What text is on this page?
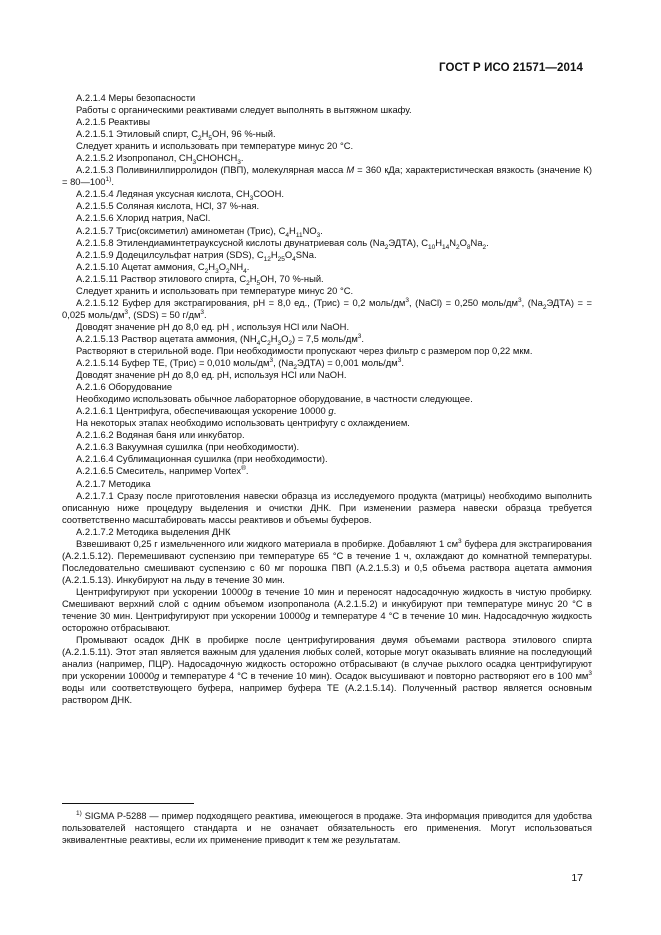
ГОСТ Р ИСО 21571—2014

А.2.1.4 Меры безопасности

Работы с органическими реактивами следует выполнять в вытяжном шкафу.

А.2.1.5 Реактивы

А.2.1.5.1 Этиловый спирт, $C_2H_5OH$, 96 %-ный.

Следует хранить и использовать при температуре минус 20 °C.

А.2.1.5.2 Изопропанол, $CH_3CHOHCH_3$.

А.2.1.5.3 Поливинилпирролидон (ПВП), молекулярная масса M = 360 кДа; характеристическая вязкость (значение $К) = 80—100^{1)}$.

А.2.1.5.4 Ледяная уксусная кислота, $CH_3COOH$.

А.2.1.5.5 Соляная кислота, HCl, 37 %-ная.

А.2.1.5.6 Хлорид натрия, NaCl.

А.2.1.5.7 Трис(оксиметил) аминометан (Трис), $C_4H_{11}NO_3$.

А.2.1.5.8 Этилендиаминтетрауксусной кислоты двунатриевая соль $(Na_2ЭДТА)$, $C_{10}H_{14}N_2O_8Na_2$.

А.2.1.5.9 Додецилсульфат натрия (SDS), $C_{12}H_{25}O_4SNa$.

А.2.1.5.10 Ацетат аммония, $C_2H_3O_2NH_4$.

А.2.1.5.11 Раствор этилового спирта, $C_2H_5OH$, 70 %-ный.

Следует хранить и использовать при температуре минус 20 °C.

А.2.1.5.12 Буфер для экстрагирования, pH = 8,0 ед., (Трис) = 0,2 моль/$дм^3$, (NaCl) = 0,250 моль/$дм^3$, $(Na_2ЭДТА)$ = = 0,025 моль/$дм^3$, (SDS) = 50 $г/дм^3$.

Доводят значение pH до 8,0 ед. pH , используя HCl или NaOH.

А.2.1.5.13 Раствор ацетата аммония, $(NH_4C_2H_3O_2) = 7,5$ моль/$дм^3$.

Растворяют в стерильной воде. При необходимости пропускают через фильтр с размером пор 0,22 мкм.

А.2.1.5.14 Буфер ТЕ, (Трис) = 0,010 моль/$дм^3$, $(Na_2ЭДТА) = 0,001$ моль/$дм^3$.

Доводят значение pH до 8,0 ед. pH, используя HCl или NaOH.

А.2.1.6 Оборудование

Необходимо использовать обычное лабораторное оборудование, в частности следующее.

А.2.1.6.1 Центрифуга, обеспечивающая ускорение 10000 g.

На некоторых этапах необходимо использовать центрифугу с охлаждением.

А.2.1.6.2 Водяная баня или инкубатор.

А.2.1.6.3 Вакуумная сушилка (при необходимости).

А.2.1.6.4 Сублимационная сушилка (при необходимости).

А.2.1.6.5 Смеситель, например Vortex®.

А.2.1.7 Методика

А.2.1.7.1 Сразу после приготовления навески образца из исследуемого продукта (матрицы) необходимо выполнить описанную ниже процедуру выделения и очистки ДНК. При изменении размера навески образца требуется соответственно масштабировать массы реактивов и объемы буферов.

А.2.1.7.2 Методика выделения ДНК

Взвешивают 0,25 г измельченного или жидкого материала в пробирке. Добавляют 1 $см^3$ буфера для экстрагирования (А.2.1.5.12). Перемешивают суспензию при температуре 65 °C в течение 1 ч, охлаждают до комнатной температуры. Последовательно смешивают суспензию с 60 мг порошка ПВП (А.2.1.5.3) и 0,5 объема раствора ацетата аммония (А.2.1.5.13). Инкубируют на льду в течение 30 мин.

Центрифугируют при ускорении 10000g в течение 10 мин и переносят надосадочную жидкость в чистую пробирку. Смешивают верхний слой с одним объемом изопропанола (А.2.1.5.2) и инкубируют при температуре минус 20 °C в течение 30 мин. Центрифугируют при ускорении 10000g и температуре 4 °C в течение 10 мин. Надосадочную жидкость осторожно отбрасывают.

Промывают осадок ДНК в пробирке после центрифугирования двумя объемами раствора этилового спирта (А.2.1.5.11). Этот этап является важным для удаления любых солей, которые могут оказывать влияние на последующий анализ (например, ПЦР). Надосадочную жидкость осторожно отбрасывают (в случае рыхлого осадка центрифугируют при ускорении 10000g и температуре 4 °C в течение 10 мин). Осадок высушивают и повторно растворяют его в 100 $мм^3$ воды или соответствующего буфера, например буфера ТЕ (А.2.1.5.14). Полученный раствор является основным раствором ДНК.

$^{1)}$ SIGMA P-5288 — пример подходящего реактива, имеющегося в продаже. Эта информация приводится для удобства пользователей настоящего стандарта и не означает обязательность его применения. Могут использоваться эквивалентные реактивы, если их применение приводит к тем же результатам.

17
